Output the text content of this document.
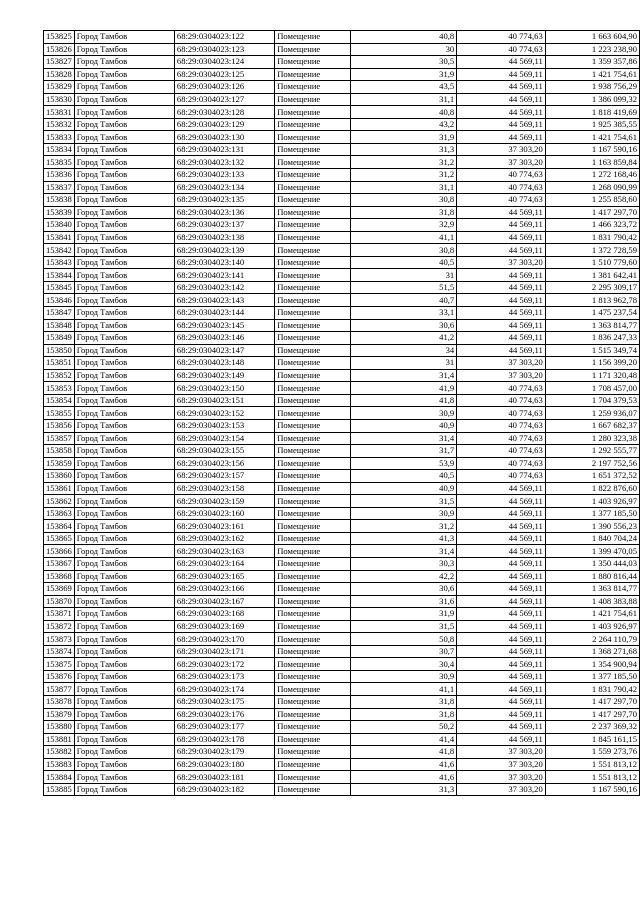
153825	Город Тамбов	68:29:0304023:122	Помещение	40,8	40 774,63	1 663 604,90
153826	Город Тамбов	68:29:0304023:123	Помещение	30	40 774,63	1 223 238,90
153827	Город Тамбов	68:29:0304023:124	Помещение	30,5	44 569,11	1 359 357,86
153828	Город Тамбов	68:29:0304023:125	Помещение	31,9	44 569,11	1 421 754,61
153829	Город Тамбов	68:29:0304023:126	Помещение	43,5	44 569,11	1 938 756,29
153830	Город Тамбов	68:29:0304023:127	Помещение	31,1	44 569,11	1 386 099,32
153831	Город Тамбов	68:29:0304023:128	Помещение	40,8	44 569,11	1 818 419,69
153832	Город Тамбов	68:29:0304023:129	Помещение	43,2	44 569,11	1 925 385,55
153833	Город Тамбов	68:29:0304023:130	Помещение	31,9	44 569,11	1 421 754,61
153834	Город Тамбов	68:29:0304023:131	Помещение	31,3	37 303,20	1 167 590,16
153835	Город Тамбов	68:29:0304023:132	Помещение	31,2	37 303,20	1 163 859,84
153836	Город Тамбов	68:29:0304023:133	Помещение	31,2	40 774,63	1 272 168,46
153837	Город Тамбов	68:29:0304023:134	Помещение	31,1	40 774,63	1 268 090,99
153838	Город Тамбов	68:29:0304023:135	Помещение	30,8	40 774,63	1 255 858,60
153839	Город Тамбов	68:29:0304023:136	Помещение	31,8	44 569,11	1 417 297,70
153840	Город Тамбов	68:29:0304023:137	Помещение	32,9	44 569,11	1 466 323,72
153841	Город Тамбов	68:29:0304023:138	Помещение	41,1	44 569,11	1 831 790,42
153842	Город Тамбов	68:29:0304023:139	Помещение	30,8	44 569,11	1 372 728,59
153843	Город Тамбов	68:29:0304023:140	Помещение	40,5	37 303,20	1 510 779,60
153844	Город Тамбов	68:29:0304023:141	Помещение	31	44 569,11	1 381 642,41
153845	Город Тамбов	68:29:0304023:142	Помещение	51,5	44 569,11	2 295 309,17
153846	Город Тамбов	68:29:0304023:143	Помещение	40,7	44 569,11	1 813 962,78
153847	Город Тамбов	68:29:0304023:144	Помещение	33,1	44 569,11	1 475 237,54
153848	Город Тамбов	68:29:0304023:145	Помещение	30,6	44 569,11	1 363 814,77
153849	Город Тамбов	68:29:0304023:146	Помещение	41,2	44 569,11	1 836 247,33
153850	Город Тамбов	68:29:0304023:147	Помещение	34	44 569,11	1 515 349,74
153851	Город Тамбов	68:29:0304023:148	Помещение	31	37 303,20	1 156 399,20
153852	Город Тамбов	68:29:0304023:149	Помещение	31,4	37 303,20	1 171 320,48
153853	Город Тамбов	68:29:0304023:150	Помещение	41,9	40 774,63	1 708 457,00
153854	Город Тамбов	68:29:0304023:151	Помещение	41,8	40 774,63	1 704 379,53
153855	Город Тамбов	68:29:0304023:152	Помещение	30,9	40 774,63	1 259 936,07
153856	Город Тамбов	68:29:0304023:153	Помещение	40,9	40 774,63	1 667 682,37
153857	Город Тамбов	68:29:0304023:154	Помещение	31,4	40 774,63	1 280 323,38
153858	Город Тамбов	68:29:0304023:155	Помещение	31,7	40 774,63	1 292 555,77
153859	Город Тамбов	68:29:0304023:156	Помещение	53,9	40 774,63	2 197 752,56
153860	Город Тамбов	68:29:0304023:157	Помещение	40,5	40 774,63	1 651 372,52
153861	Город Тамбов	68:29:0304023:158	Помещение	40,9	44 569,11	1 822 876,60
153862	Город Тамбов	68:29:0304023:159	Помещение	31,5	44 569,11	1 403 926,97
153863	Город Тамбов	68:29:0304023:160	Помещение	30,9	44 569,11	1 377 185,50
153864	Город Тамбов	68:29:0304023:161	Помещение	31,2	44 569,11	1 390 556,23
153865	Город Тамбов	68:29:0304023:162	Помещение	41,3	44 569,11	1 840 704,24
153866	Город Тамбов	68:29:0304023:163	Помещение	31,4	44 569,11	1 399 470,05
153867	Город Тамбов	68:29:0304023:164	Помещение	30,3	44 569,11	1 350 444,03
153868	Город Тамбов	68:29:0304023:165	Помещение	42,2	44 569,11	1 880 816,44
153869	Город Тамбов	68:29:0304023:166	Помещение	30,6	44 569,11	1 363 814,77
153870	Город Тамбов	68:29:0304023:167	Помещение	31,6	44 569,11	1 408 383,88
153871	Город Тамбов	68:29:0304023:168	Помещение	31,9	44 569,11	1 421 754,61
153872	Город Тамбов	68:29:0304023:169	Помещение	31,5	44 569,11	1 403 926,97
153873	Город Тамбов	68:29:0304023:170	Помещение	50,8	44 569,11	2 264 110,79
153874	Город Тамбов	68:29:0304023:171	Помещение	30,7	44 569,11	1 368 271,68
153875	Город Тамбов	68:29:0304023:172	Помещение	30,4	44 569,11	1 354 900,94
153876	Город Тамбов	68:29:0304023:173	Помещение	30,9	44 569,11	1 377 185,50
153877	Город Тамбов	68:29:0304023:174	Помещение	41,1	44 569,11	1 831 790,42
153878	Город Тамбов	68:29:0304023:175	Помещение	31,8	44 569,11	1 417 297,70
153879	Город Тамбов	68:29:0304023:176	Помещение	31,8	44 569,11	1 417 297,70
153880	Город Тамбов	68:29:0304023:177	Помещение	50,2	44 569,11	2 237 369,32
153881	Город Тамбов	68:29:0304023:178	Помещение	41,4	44 569,11	1 845 161,15
153882	Город Тамбов	68:29:0304023:179	Помещение	41,8	37 303,20	1 559 273,76
153883	Город Тамбов	68:29:0304023:180	Помещение	41,6	37 303,20	1 551 813,12
153884	Город Тамбов	68:29:0304023:181	Помещение	41,6	37 303,20	1 551 813,12
153885	Город Тамбов	68:29:0304023:182	Помещение	31,3	37 303,20	1 167 590,16
